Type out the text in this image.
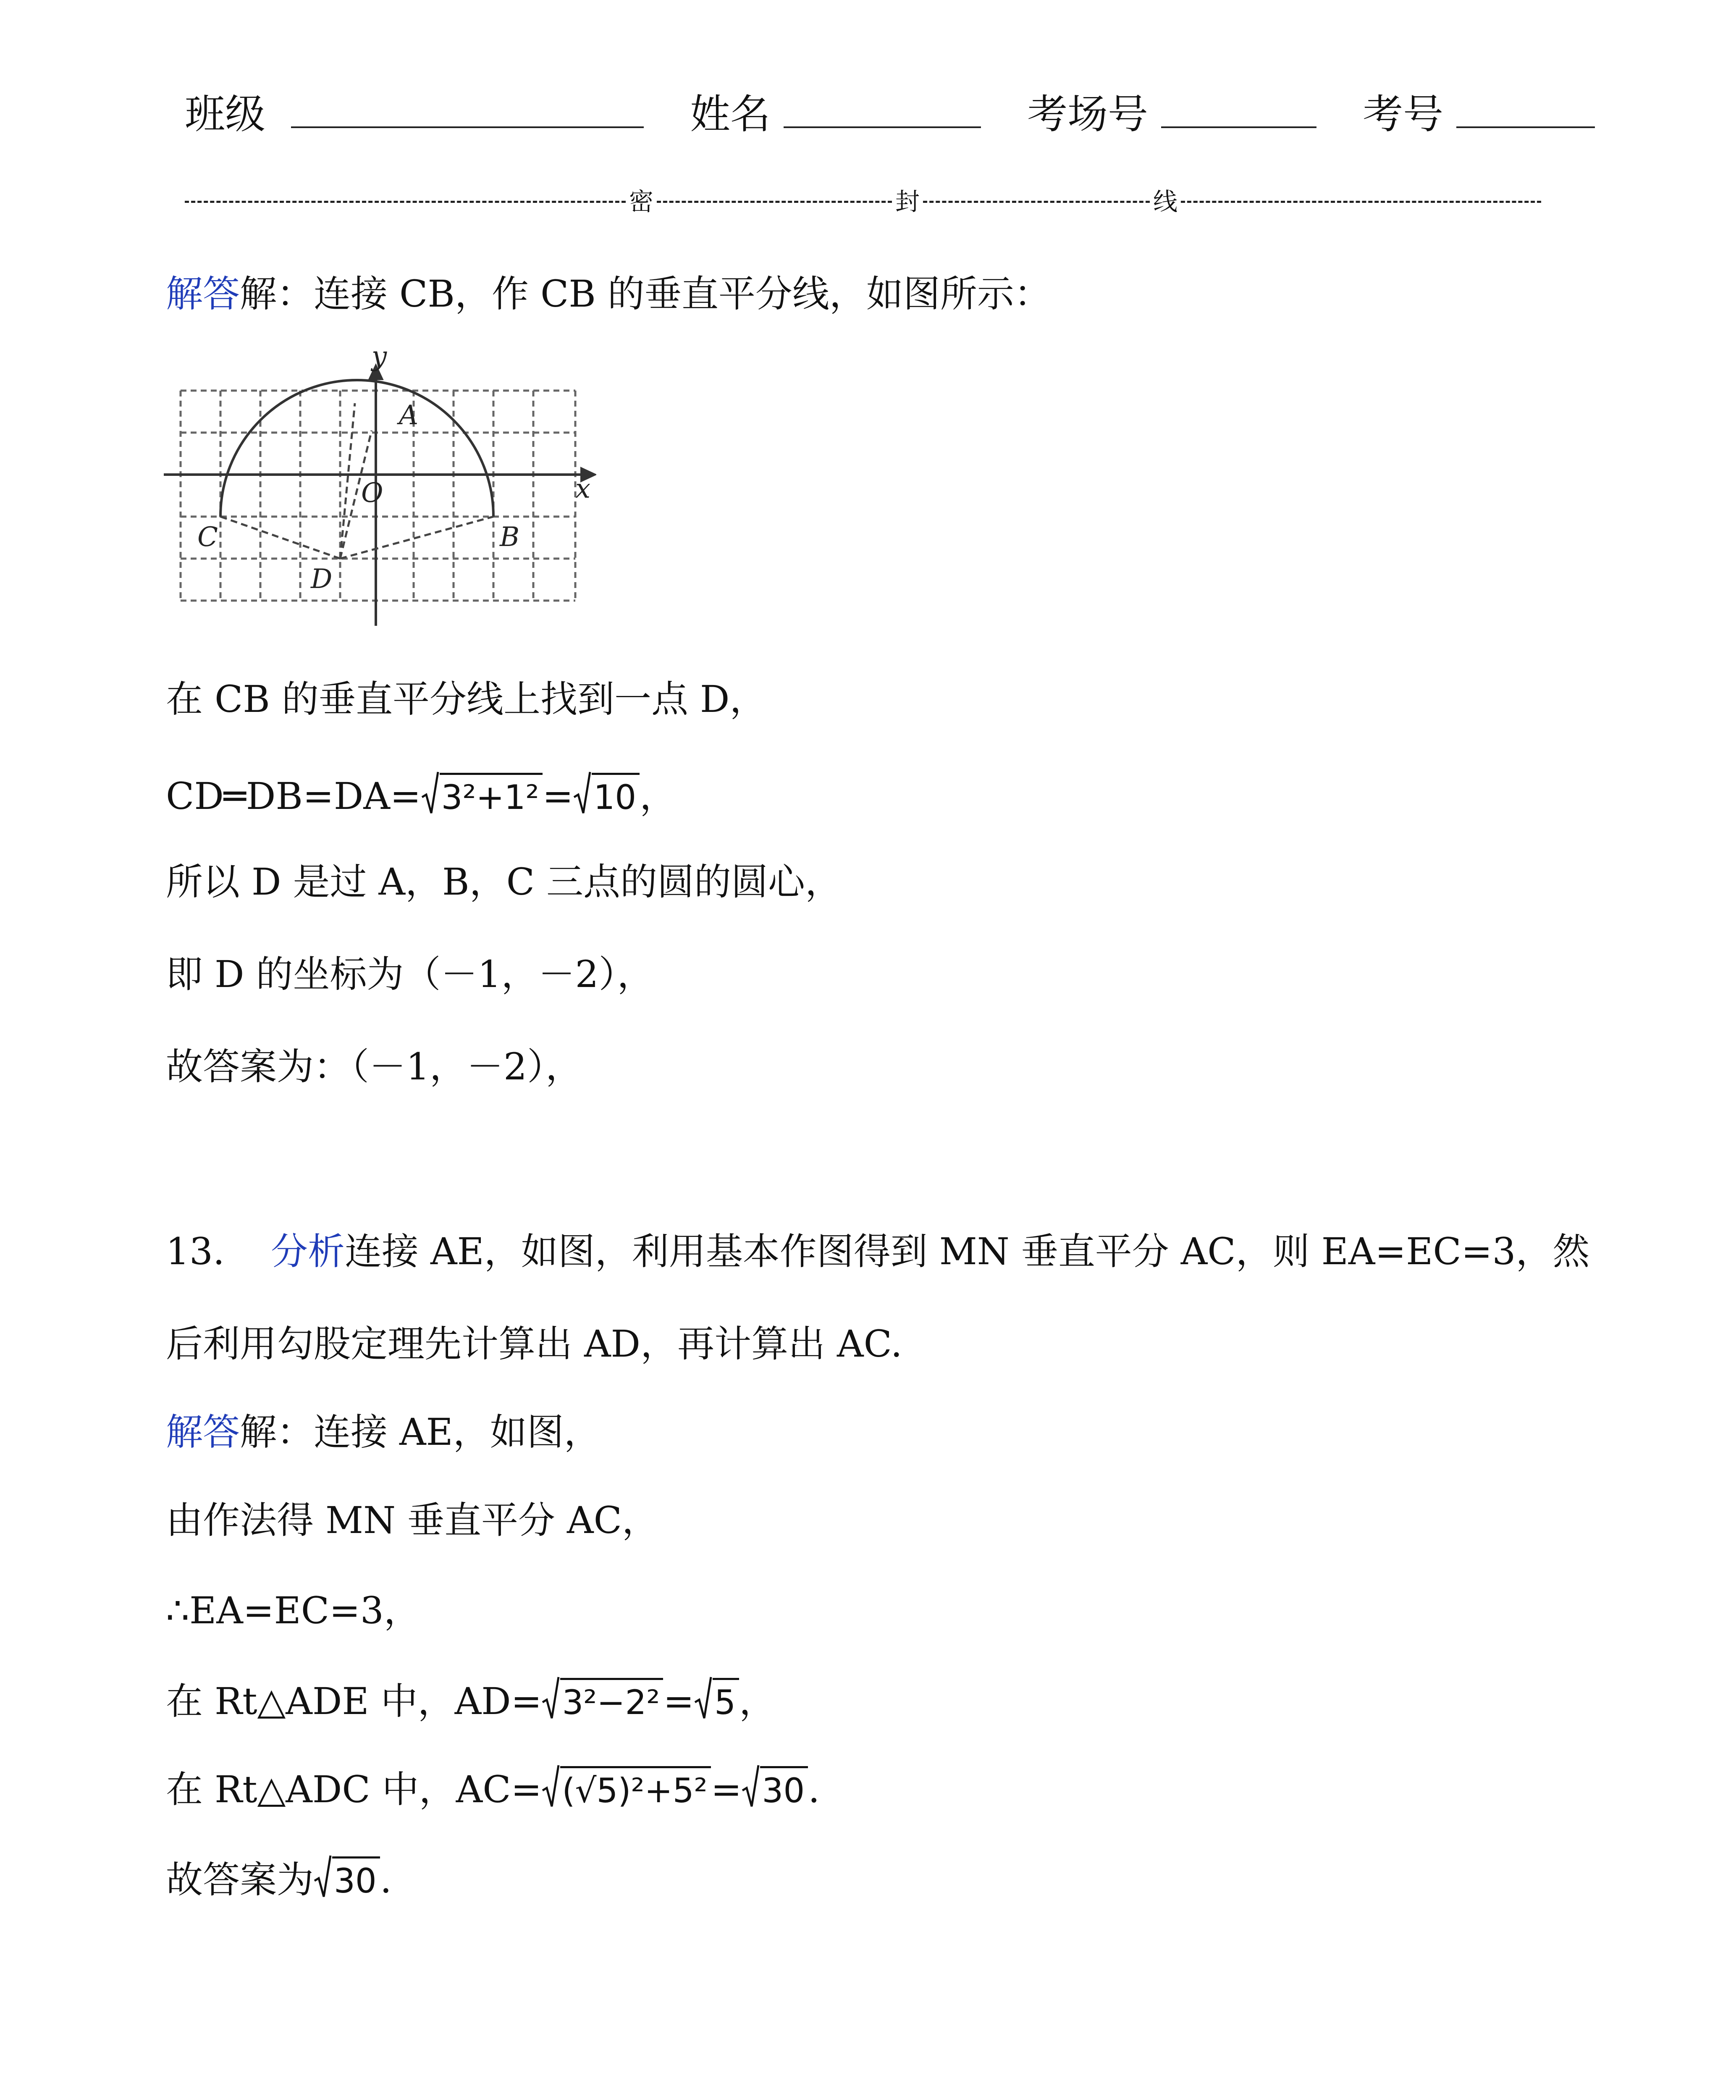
班级	姓名	考场号	考号
密	封	线
解答解：连接 CB，作 CB 的垂直平分线，如图所示：
y
x
A
O
B
C
D
在 CB 的垂直平分线上找到一点 D，
CD═DB=DA= 3²+1²= 10，
所以 D 是过 A，B，C 三点的圆的圆心，
即 D 的坐标为（－1，－2），
故答案为：（－1，－2），
13. 分析连接 AE，如图，利用基本作图得到 MN 垂直平分 AC，则 EA=EC=3，然
后利用勾股定理先计算出 AD，再计算出 AC.
解答解：连接 AE，如图，
由作法得 MN 垂直平分 AC，
∴EA=EC=3，
在 Rt△ADE 中，AD= 3²−2²= 5，
在 Rt△ADC 中，AC= (√5)²+5²= 30.
故答案为 30.
